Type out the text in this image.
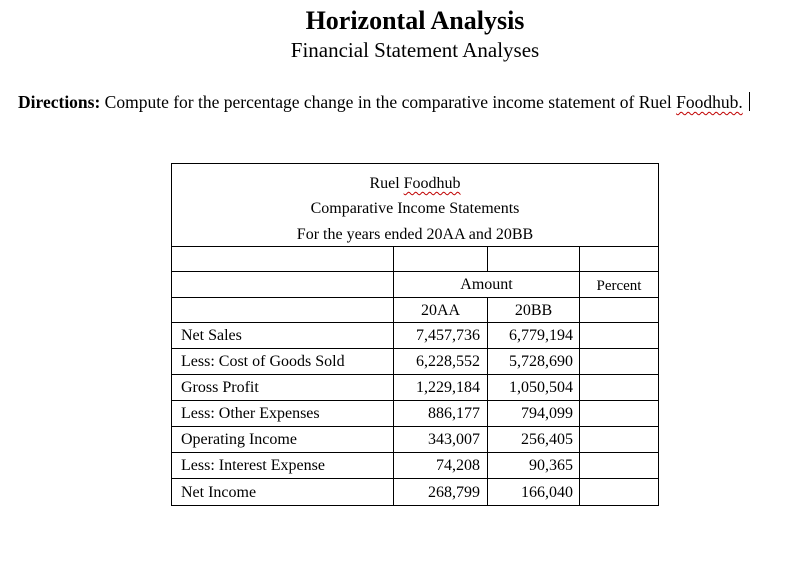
Horizontal Analysis
Financial Statement Analyses
Directions: Compute for the percentage change in the comparative income statement of Ruel Foodhub.
Ruel Foodhub
Comparative Income Statements
For the years ended 20AA and 20BB
Amount	Percent
20AA	20BB
Net Sales	7,457,736	6,779,194
Less: Cost of Goods Sold	6,228,552	5,728,690
Gross Profit	1,229,184	1,050,504
Less: Other Expenses	886,177	794,099
Operating Income	343,007	256,405
Less: Interest Expense	74,208	90,365
Net Income	268,799	166,040
